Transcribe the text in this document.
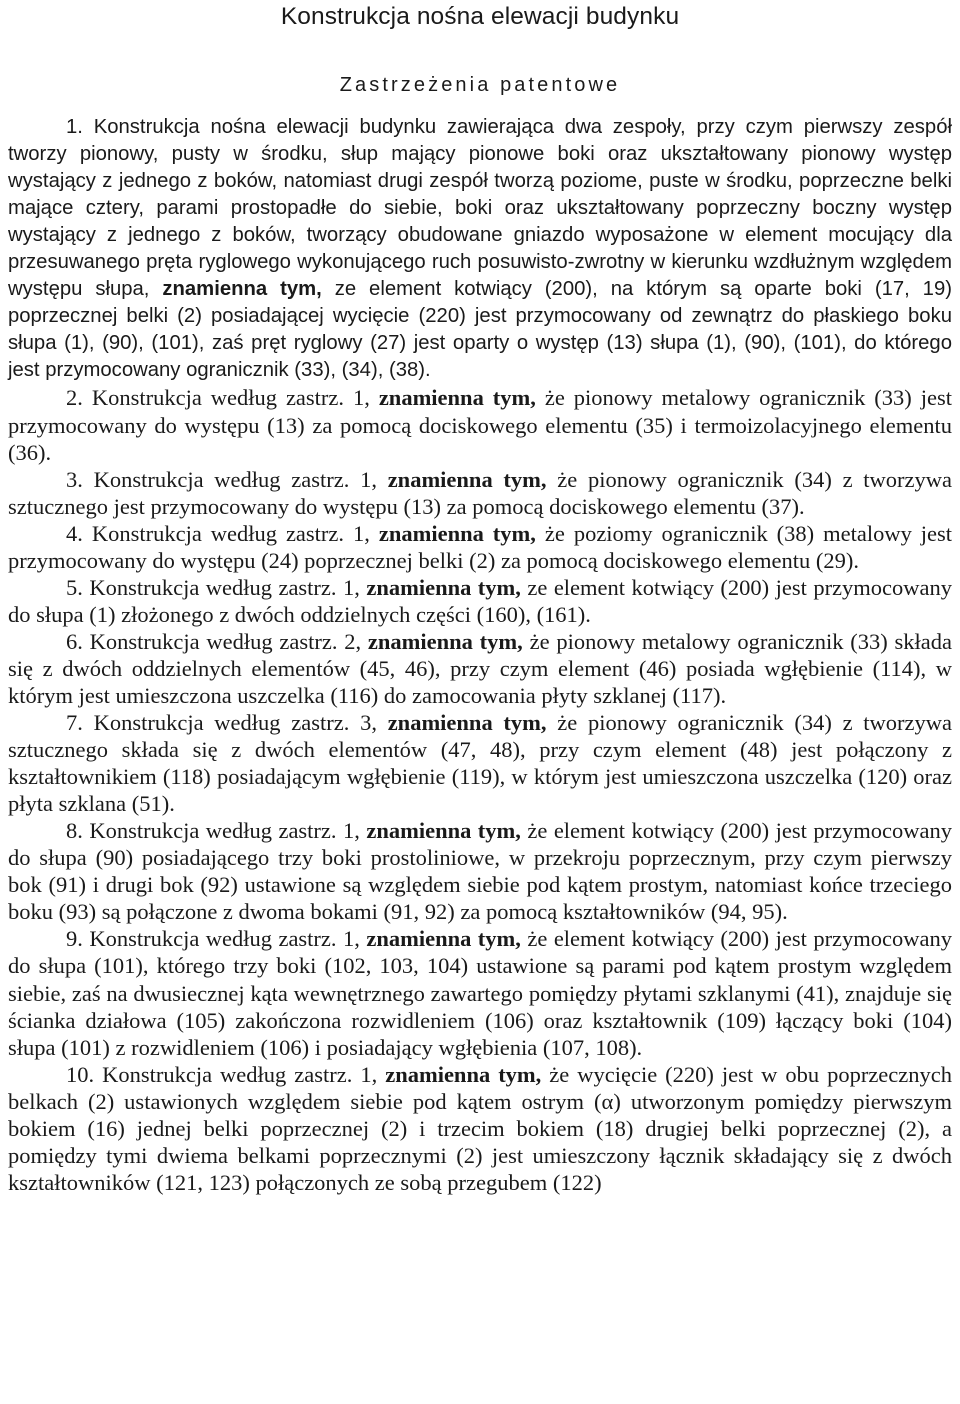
Konstrukcja nośna elewacji budynku
Zastrzeżenia patentowe

1. Konstrukcja nośna elewacji budynku zawierająca dwa zespoły, przy czym pierwszy zespół tworzy pionowy, pusty w środku, słup mający pionowe boki oraz ukształtowany pionowy występ wystający z jednego z boków, natomiast drugi zespół tworzą poziome, puste w środku, poprzeczne belki mające cztery, parami prostopadłe do siebie, boki oraz ukształtowany poprzeczny boczny występ wystający z jednego z boków, tworzący obudowane gniazdo wyposażone w element mocujący dla przesuwanego pręta ryglowego wykonującego ruch posuwisto-zwrotny w kierunku wzdłużnym względem występu słupa, znamienna tym, ze element kotwiący (200), na którym są oparte boki (17, 19) poprzecznej belki (2) posiadającej wycięcie (220) jest przymocowany od zewnątrz do płaskiego boku słupa (1), (90), (101), zaś pręt ryglowy (27) jest oparty o występ (13) słupa (1), (90), (101), do którego jest przymocowany ogranicznik (33), (34), (38).

2. Konstrukcja według zastrz. 1, znamienna tym, że pionowy metalowy ogranicznik (33) jest przymocowany do występu (13) za pomocą dociskowego elementu (35) i termoizolacyjnego elementu (36).

3. Konstrukcja według zastrz. 1, znamienna tym, że pionowy ogranicznik (34) z tworzywa sztucznego jest przymocowany do występu (13) za pomocą dociskowego elementu (37).

4. Konstrukcja według zastrz. 1, znamienna tym, że poziomy ogranicznik (38) metalowy jest przymocowany do występu (24) poprzecznej belki (2) za pomocą dociskowego elementu (29).

5. Konstrukcja według zastrz. 1, znamienna tym, ze element kotwiący (200) jest przymocowany do słupa (1) złożonego z dwóch oddzielnych części (160), (161).

6. Konstrukcja według zastrz. 2, znamienna tym, że pionowy metalowy ogranicznik (33) składa się z dwóch oddzielnych elementów (45, 46), przy czym element (46) posiada wgłębienie (114), w którym jest umieszczona uszczelka (116) do zamocowania płyty szklanej (117).

7. Konstrukcja według zastrz. 3, znamienna tym, że pionowy ogranicznik (34) z tworzywa sztucznego składa się z dwóch elementów (47, 48), przy czym element (48) jest połączony z kształtownikiem (118) posiadającym wgłębienie (119), w którym jest umieszczona uszczelka (120) oraz płyta szklana (51).

8. Konstrukcja według zastrz. 1, znamienna tym, że element kotwiący (200) jest przymocowany do słupa (90) posiadającego trzy boki prostoliniowe, w przekroju poprzecznym, przy czym pierwszy bok (91) i drugi bok (92) ustawione są względem siebie pod kątem prostym, natomiast końce trzeciego boku (93) są połączone z dwoma bokami (91, 92) za pomocą kształtowników (94, 95).

9. Konstrukcja według zastrz. 1, znamienna tym, że element kotwiący (200) jest przymocowany do słupa (101), którego trzy boki (102, 103, 104) ustawione są parami pod kątem prostym względem siebie, zaś na dwusiecznej kąta wewnętrznego zawartego pomiędzy płytami szklanymi (41), znajduje się ścianka działowa (105) zakończona rozwidleniem (106) oraz kształtownik (109) łączący boki (104) słupa (101) z rozwidleniem (106) i posiadający wgłębienia (107, 108).

10. Konstrukcja według zastrz. 1, znamienna tym, że wycięcie (220) jest w obu poprzecznych belkach (2) ustawionych względem siebie pod kątem ostrym (α) utworzonym pomiędzy pierwszym bokiem (16) jednej belki poprzecznej (2) i trzecim bokiem (18) drugiej belki poprzecznej (2), a pomiędzy tymi dwiema belkami poprzecznymi (2) jest umieszczony łącznik składający się z dwóch kształtowników (121, 123) połączonych ze sobą przegubem (122)
